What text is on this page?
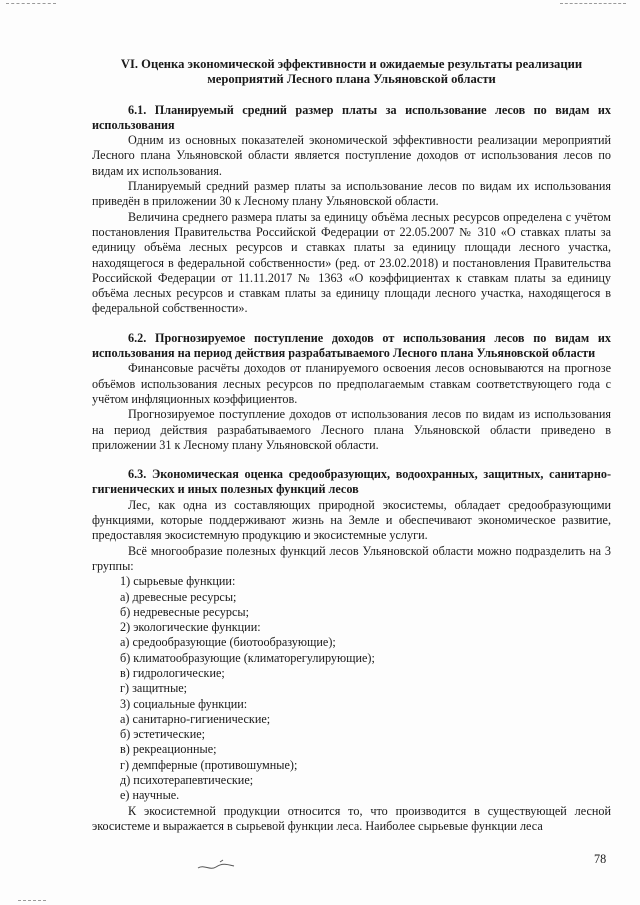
VI. Оценка экономической эффективности и ожидаемые результаты реализации мероприятий Лесного плана Ульяновской области

6.1. Планируемый средний размер платы за использование лесов по видам их использования

Одним из основных показателей экономической эффективности реализации мероприятий Лесного плана Ульяновской области является поступление доходов от использования лесов по видам их использования.

Планируемый средний размер платы за использование лесов по видам их использования приведён в приложении 30 к Лесному плану Ульяновской области.

Величина среднего размера платы за единицу объёма лесных ресурсов определена с учётом постановления Правительства Российской Федерации от 22.05.2007 № 310 «О ставках платы за единицу объёма лесных ресурсов и ставках платы за единицу площади лесного участка, находящегося в федеральной собственности» (ред. от 23.02.2018) и постановления Правительства Российской Федерации от 11.11.2017 № 1363 «О коэффициентах к ставкам платы за единицу объёма лесных ресурсов и ставкам платы за единицу площади лесного участка, находящегося в федеральной собственности».

6.2. Прогнозируемое поступление доходов от использования лесов по видам их использования на период действия разрабатываемого Лесного плана Ульяновской области

Финансовые расчёты доходов от планируемого освоения лесов основываются на прогнозе объёмов использования лесных ресурсов по предполагаемым ставкам соответствующего года с учётом инфляционных коэффициентов.

Прогнозируемое поступление доходов от использования лесов по видам из использования на период действия разрабатываемого Лесного плана Ульяновской области приведено в приложении 31 к Лесному плану Ульяновской области.

6.3. Экономическая оценка средообразующих, водоохранных, защитных, санитарно-гигиенических и иных полезных функций лесов

Лес, как одна из составляющих природной экосистемы, обладает средообразующими функциями, которые поддерживают жизнь на Земле и обеспечивают экономическое развитие, предоставляя экосистемную продукцию и экосистемные услуги.

Всё многообразие полезных функций лесов Ульяновской области можно подразделить на 3 группы:

1) сырьевые функции:
а) древесные ресурсы;
б) недревесные ресурсы;
2) экологические функции:
а) средообразующие (биотообразующие);
б) климатообразующие (климаторегулирующие);
в) гидрологические;
г) защитные;
3) социальные функции:
а) санитарно-гигиенические;
б) эстетические;
в) рекреационные;
г) демпферные (противошумные);
д) психотерапевтические;
е) научные.

К экосистемной продукции относится то, что производится в существующей лесной экосистеме и выражается в сырьевой функции леса. Наиболее сырьевые функции леса

78
